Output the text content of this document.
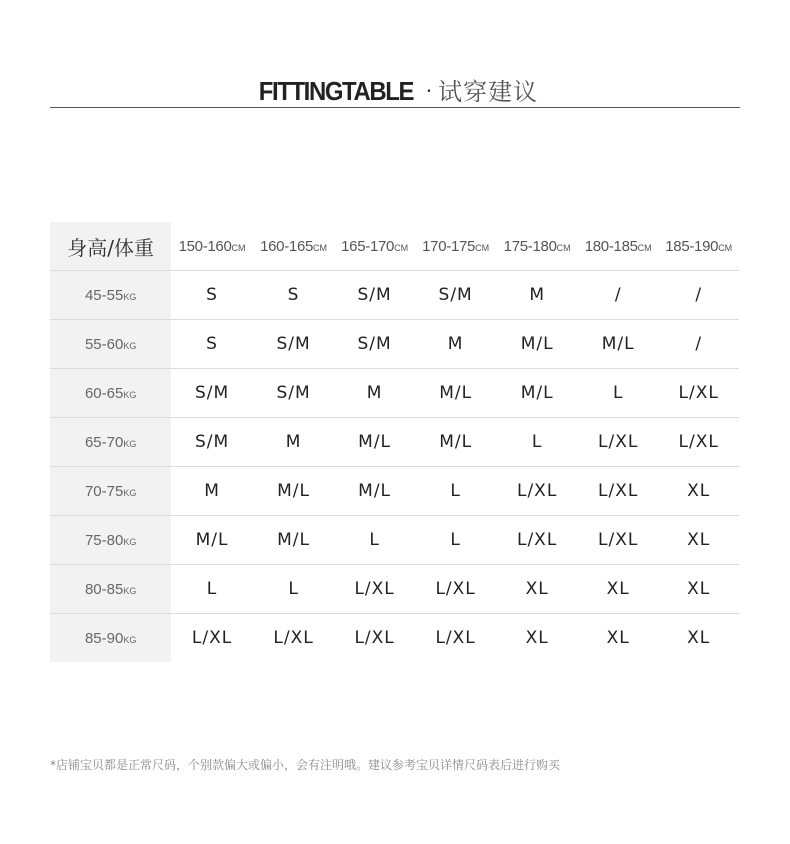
FITTINGTABLE · 试穿建议
身高/体重	150-160CM	160-165CM	165-170CM	170-175CM	175-180CM	180-185CM	185-190CM
45-55KG	S	S	S/M	S/M	M	/	/
55-60KG	S	S/M	S/M	M	M/L	M/L	/
60-65KG	S/M	S/M	M	M/L	M/L	L	L/XL
65-70KG	S/M	M	M/L	M/L	L	L/XL	L/XL
70-75KG	M	M/L	M/L	L	L/XL	L/XL	XL
75-80KG	M/L	M/L	L	L	L/XL	L/XL	XL
80-85KG	L	L	L/XL	L/XL	XL	XL	XL
85-90KG	L/XL	L/XL	L/XL	L/XL	XL	XL	XL
*店铺宝贝都是正常尺码，个别款偏大或偏小，会有注明哦。建议参考宝贝详情尺码表后进行购买
